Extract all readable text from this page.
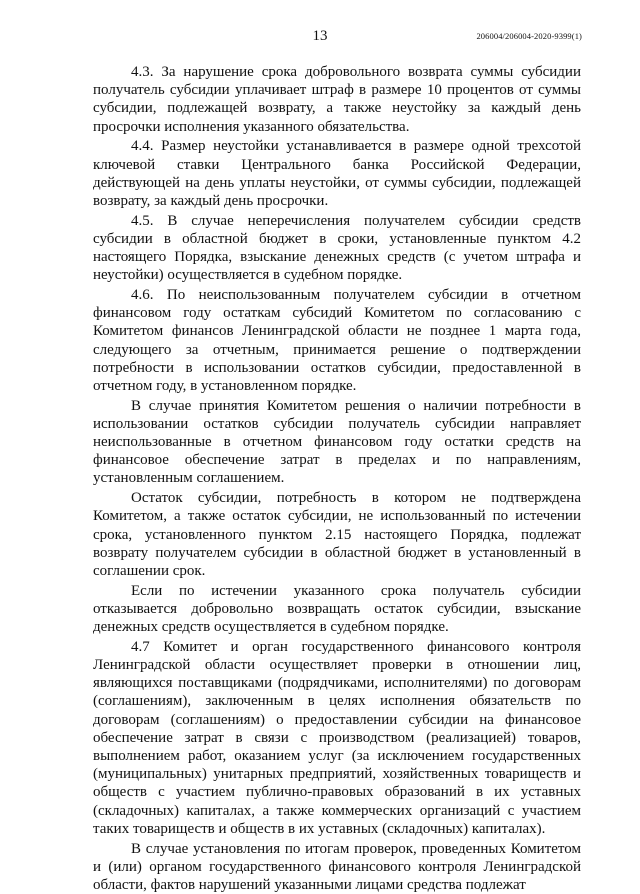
13	206004/206004-2020-9399(1)

4.3. За нарушение срока добровольного возврата суммы субсидии получатель субсидии уплачивает штраф в размере 10 процентов от суммы субсидии, подлежащей возврату, а также неустойку за каждый день просрочки исполнения указанного обязательства.

4.4. Размер неустойки устанавливается в размере одной трехсотой ключевой ставки Центрального банка Российской Федерации, действующей на день уплаты неустойки, от суммы субсидии, подлежащей возврату, за каждый день просрочки.

4.5. В случае неперечисления получателем субсидии средств субсидии в областной бюджет в сроки, установленные пунктом 4.2 настоящего Порядка, взыскание денежных средств (с учетом штрафа и неустойки) осуществляется в судебном порядке.

4.6. По неиспользованным получателем субсидии в отчетном финансовом году остаткам субсидий Комитетом по согласованию с Комитетом финансов Ленинградской области не позднее 1 марта года, следующего за отчетным, принимается решение о подтверждении потребности в использовании остатков субсидии, предоставленной в отчетном году, в установленном порядке.

В случае принятия Комитетом решения о наличии потребности в использовании остатков субсидии получатель субсидии направляет неиспользованные в отчетном финансовом году остатки средств на финансовое обеспечение затрат в пределах и по направлениям, установленным соглашением.

Остаток субсидии, потребность в котором не подтверждена Комитетом, а также остаток субсидии, не использованный по истечении срока, установленного пунктом 2.15 настоящего Порядка, подлежат возврату получателем субсидии в областной бюджет в установленный в соглашении срок.

Если по истечении указанного срока получатель субсидии отказывается добровольно возвращать остаток субсидии, взыскание денежных средств осуществляется в судебном порядке.

4.7 Комитет и орган государственного финансового контроля Ленинградской области осуществляет проверки в отношении лиц, являющихся поставщиками (подрядчиками, исполнителями) по договорам (соглашениям), заключенным в целях исполнения обязательств по договорам (соглашениям) о предоставлении субсидии на финансовое обеспечение затрат в связи с производством (реализацией) товаров, выполнением работ, оказанием услуг (за исключением государственных (муниципальных) унитарных предприятий, хозяйственных товариществ и обществ с участием публично-правовых образований в их уставных (складочных) капиталах, а также коммерческих организаций с участием таких товариществ и обществ в их уставных (складочных) капиталах).

В случае установления по итогам проверок, проведенных Комитетом и (или) органом государственного финансового контроля Ленинградской области, фактов нарушений указанными лицами средства подлежат
